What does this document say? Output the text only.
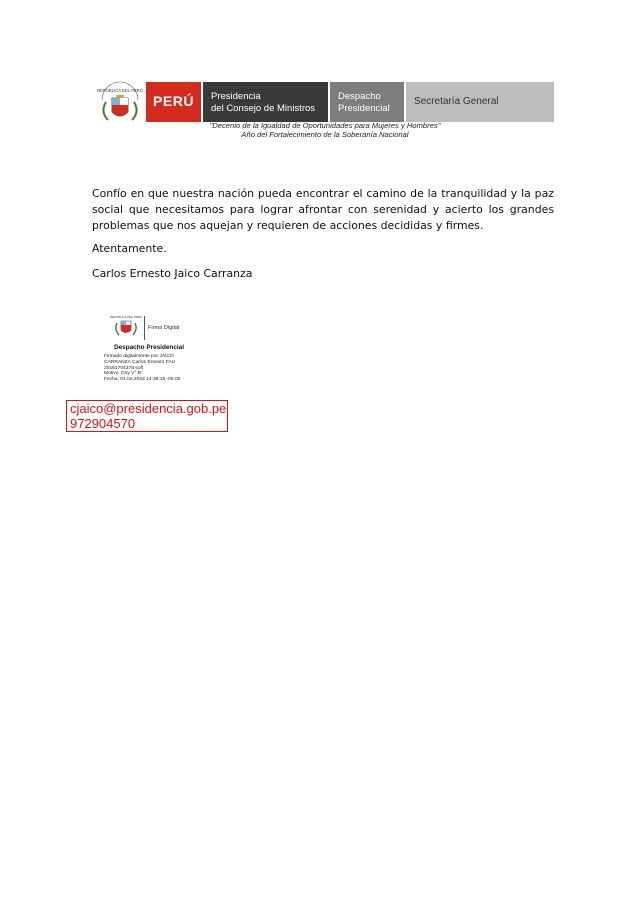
REPÚBLICA DEL PERÚ
PERÚ	Presidencia
del Consejo de Ministros
Despacho
Presidencial
Secretaría General
"Decenio de la Igualdad de Oportunidades para Mujeres y Hombres"
Año del Fortalecimiento de la Soberanía Nacional
Confío en que nuestra nación pueda encontrar el camino de la tranquilidad y la paz social que necesitamos para lograr afrontar con serenidad y acierto los grandes problemas que nos aquejan y requieren de acciones decididas y firmes.
Atentamente.
Carlos Ernesto Jaico Carranza
REPÚBLICA DEL PERÚ
Firma Digital
Despacho Presidencial
Firmado digitalmente por JAICO
CARRANZA Carlos Ernesto FAU
20161704378 soft
Motivo: Doy V° B°
Fecha: 01.02.2022 14:38:15 -05:00
cjaico@presidencia.gob.pe
972904570
